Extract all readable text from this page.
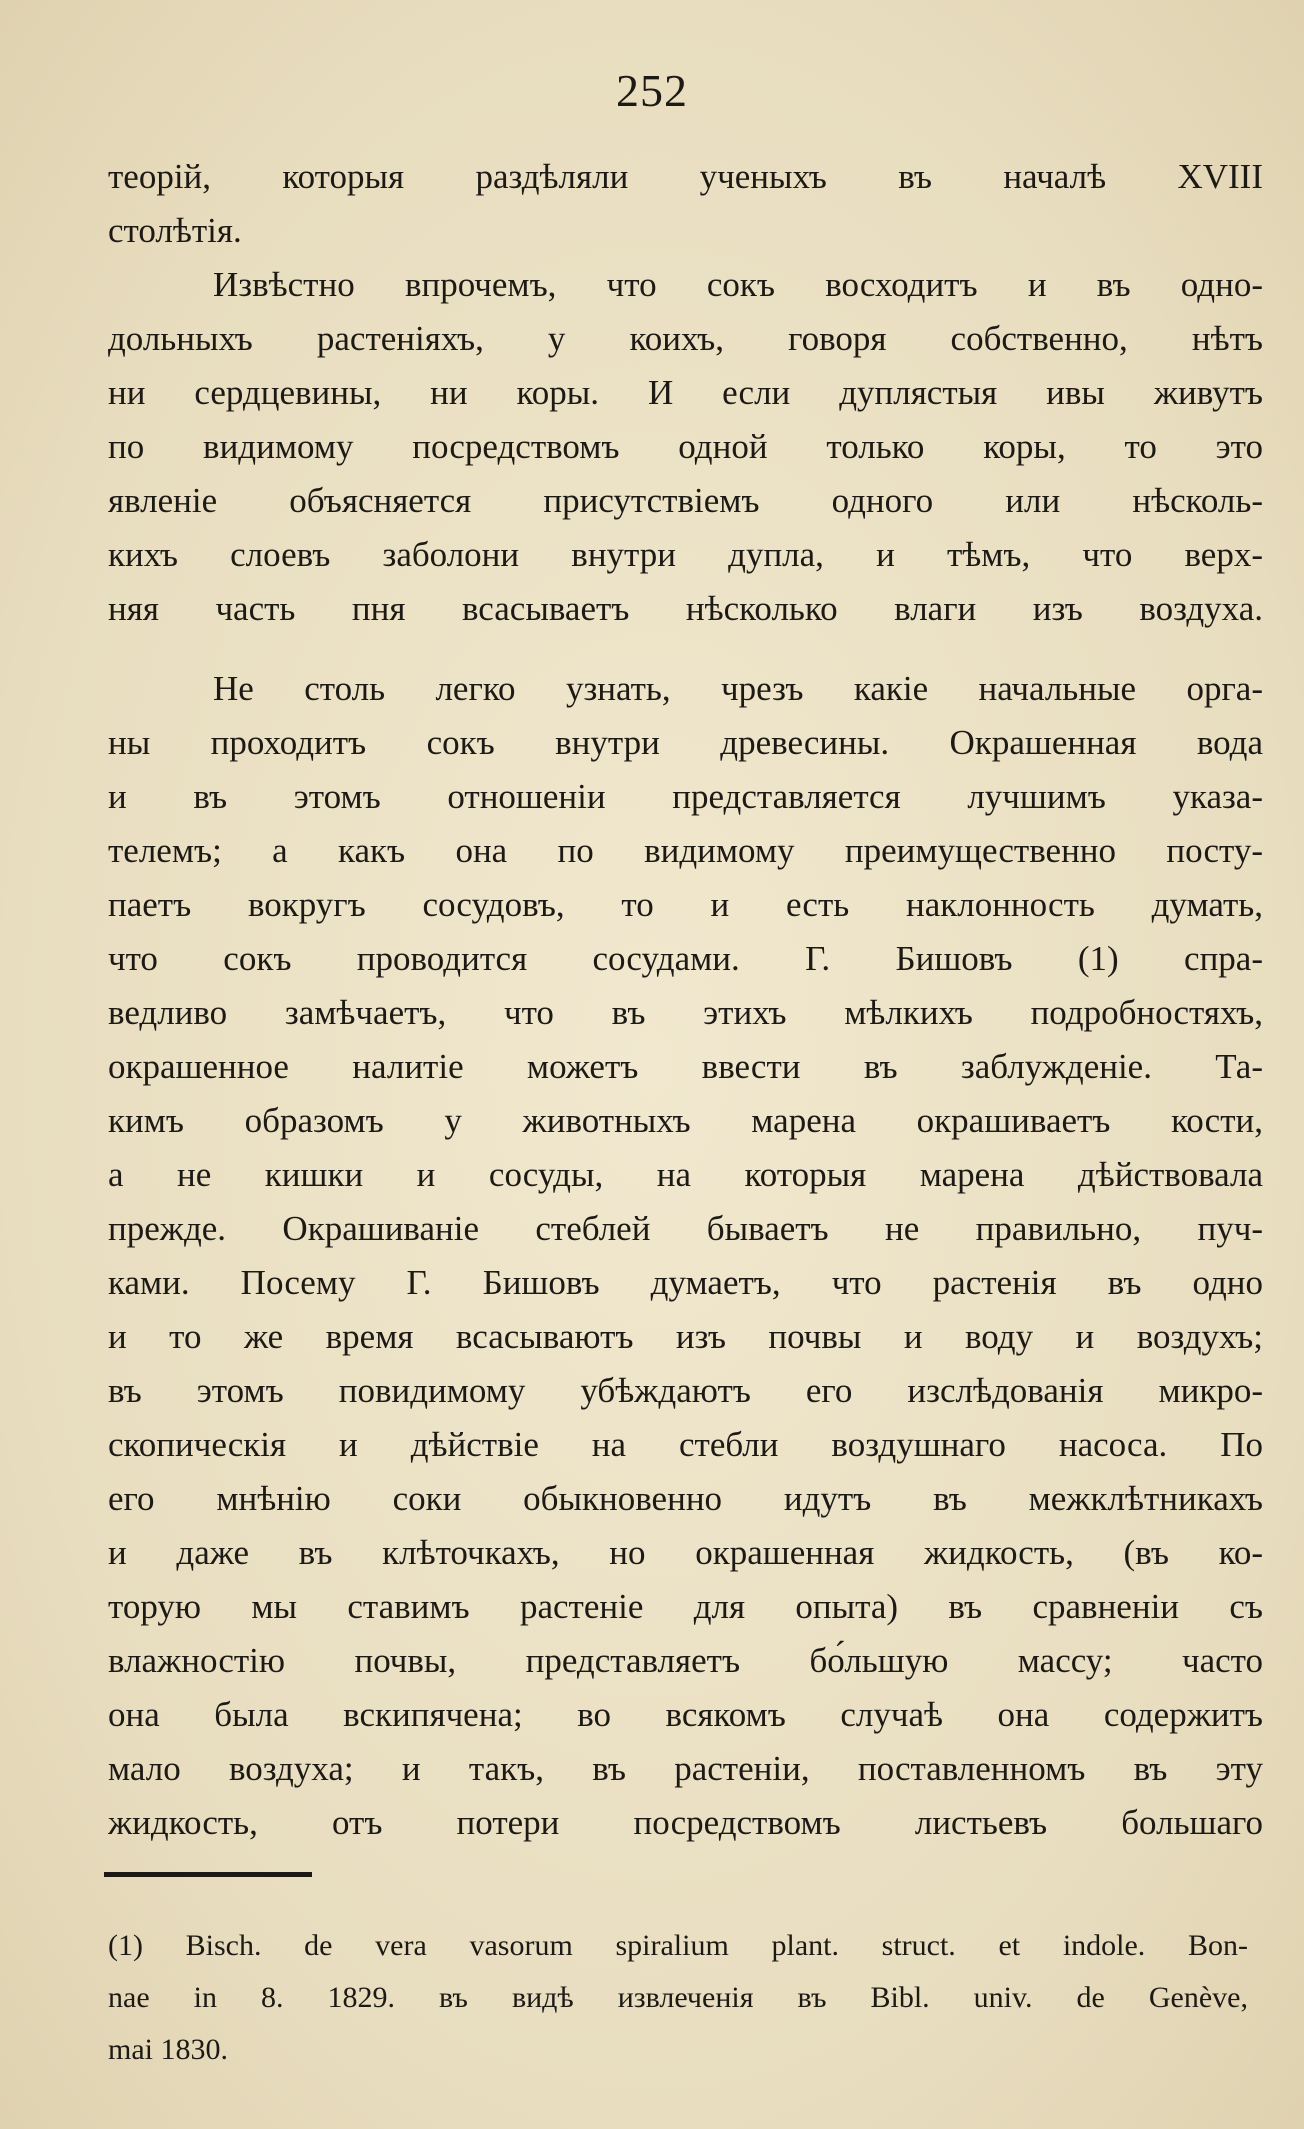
252
теорій, которыя раздѣляли ученыхъ въ началѣ XVIII
столѣтія.
Извѣстно впрочемъ, что сокъ восходитъ и въ одно-
дольныхъ растеніяхъ, у коихъ, говоря собственно, нѣтъ
ни сердцевины, ни коры. И если дуплястыя ивы живутъ
по видимому посредствомъ одной только коры, то это
явленіе объясняется присутствіемъ одного или нѣсколь-
кихъ слоевъ заболони внутри дупла, и тѣмъ, что верх-
няя часть пня всасываетъ нѣсколько влаги изъ воздуха.
Не столь легко узнать, чрезъ какіе начальные орга-
ны проходитъ сокъ внутри древесины. Окрашенная вода
и въ этомъ отношеніи представляется лучшимъ указа-
телемъ; а какъ она по видимому преимущественно посту-
паетъ вокругъ сосудовъ, то и есть наклонность думать,
что сокъ проводится сосудами. Г. Бишовъ (1) спра-
ведливо замѣчаетъ, что въ этихъ мѣлкихъ подробностяхъ,
окрашенное налитіе можетъ ввести въ заблужденіе. Та-
кимъ образомъ у животныхъ марена окрашиваетъ кости,
а не кишки и сосуды, на которыя марена дѣйствовала
прежде. Окрашиваніе стеблей бываетъ не правильно, пуч-
ками. Посему Г. Бишовъ думаетъ, что растенія въ одно
и то же время всасываютъ изъ почвы и воду и воздухъ;
въ этомъ повидимому убѣждаютъ его изслѣдованія микро-
скопическія и дѣйствіе на стебли воздушнаго насоса. По
его мнѣнію соки обыкновенно идутъ въ межклѣтникахъ
и даже въ клѣточкахъ, но окрашенная жидкость, (въ ко-
торую мы ставимъ растеніе для опыта) въ сравненіи съ
влажностію почвы, представляетъ бо́льшую массу; часто
она была вскипячена; во всякомъ случаѣ она содержитъ
мало воздуха; и такъ, въ растеніи, поставленномъ въ эту
жидкость, отъ потери посредствомъ листьевъ большаго
(1) Bisch. de vera vasorum spiralium plant. struct. et indole. Bon-
nae in 8. 1829. въ видѣ извлеченія въ Bibl. univ. de Genève,
mai 1830.
